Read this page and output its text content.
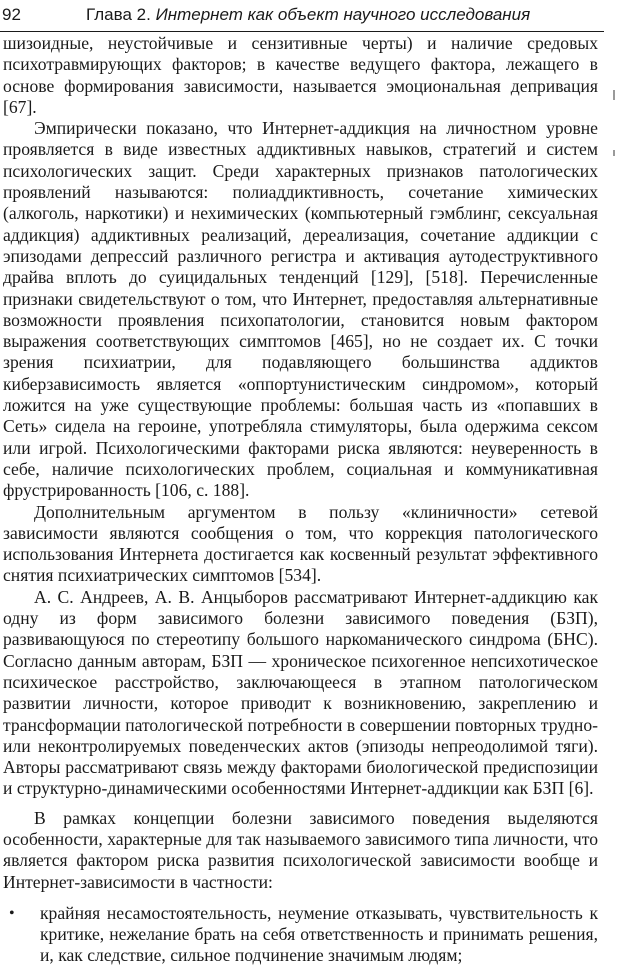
92	Глава 2. Интернет как объект научного исследования

шизоидные, неустойчивые и сензитивные черты) и наличие средовых психотравмирующих факторов; в качестве ведущего фактора, лежащего в основе формирования зависимости, называется эмоциональная депривация [67].

Эмпирически показано, что Интернет-аддикция на личностном уровне проявляется в виде известных аддиктивных навыков, стратегий и систем психологических защит. Среди характерных признаков патологических проявлений называются: полиаддиктивность, сочетание химических (алкоголь, наркотики) и нехимических (компьютерный гэмблинг, сексуальная аддикция) аддиктивных реализаций, дереализация, сочетание аддикции с эпизодами депрессий различного регистра и активация аутодеструктивного драйва вплоть до суицидальных тенденций [129], [518]. Перечисленные признаки свидетельствуют о том, что Интернет, предоставляя альтернативные возможности проявления психопатологии, становится новым фактором выражения соответствующих симптомов [465], но не создает их. С точки зрения психиатрии, для подавляющего большинства аддиктов киберзависимость является «оппортунистическим синдромом», который ложится на уже существующие проблемы: большая часть из «попавших в Сеть» сидела на героине, употребляла стимуляторы, была одержима сексом или игрой. Психологическими факторами риска являются: неуверенность в себе, наличие психологических проблем, социальная и коммуникативная фрустрированность [106, с. 188].

Дополнительным аргументом в пользу «клиничности» сетевой зависимости являются сообщения о том, что коррекция патологического использования Интернета достигается как косвенный результат эффективного снятия психиатрических симптомов [534].

А. С. Андреев, А. В. Анцыборов рассматривают Интернет-аддикцию как одну из форм зависимого болезни зависимого поведения (БЗП), развивающуюся по стереотипу большого наркоманического синдрома (БНС). Согласно данным авторам, БЗП — хроническое психогенное непсихотическое психическое расстройство, заключающееся в этапном патологическом развитии личности, которое приводит к возникновению, закреплению и трансформации патологической потребности в совершении повторных трудно- или неконтролируемых поведенческих актов (эпизоды непреодолимой тяги). Авторы рассматривают связь между факторами биологической предиспозиции и структурно-динамическими особенностями Интернет-аддикции как БЗП [6].

В рамках концепции болезни зависимого поведения выделяются особенности, характерные для так называемого зависимого типа личности, что является фактором риска развития психологической зависимости вообще и Интернет-зависимости в частности:

• крайняя несамостоятельность, неумение отказывать, чувствительность к критике, нежелание брать на себя ответственность и принимать решения, и, как следствие, сильное подчинение значимым людям;
